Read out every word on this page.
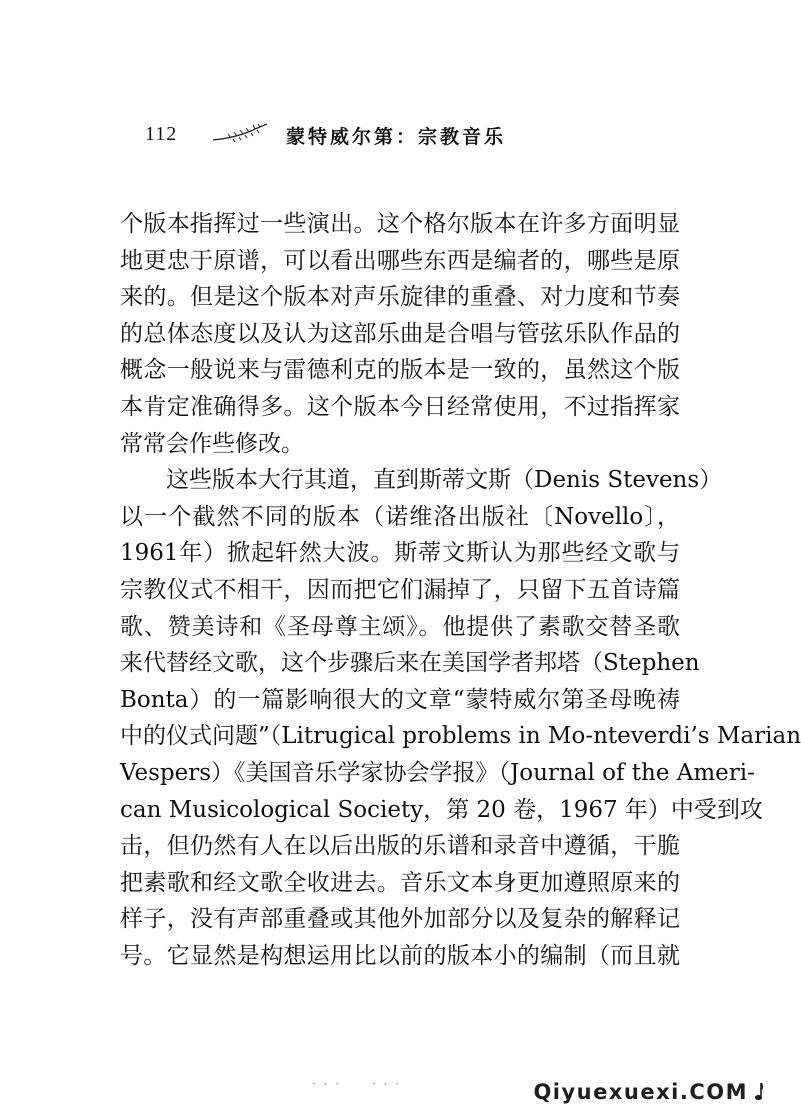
112	蒙特威尔第：宗教音乐
个版本指挥过一些演出。这个格尔版本在许多方面明显
地更忠于原谱，可以看出哪些东西是编者的，哪些是原
来的。但是这个版本对声乐旋律的重叠、对力度和节奏
的总体态度以及认为这部乐曲是合唱与管弦乐队作品的
概念一般说来与雷德利克的版本是一致的，虽然这个版
本肯定准确得多。这个版本今日经常使用，不过指挥家
常常会作些修改。
这些版本大行其道，直到斯蒂文斯（Denis Stevens）
以一个截然不同的版本（诺维洛出版社〔Novello〕，
1961年）掀起轩然大波。斯蒂文斯认为那些经文歌与
宗教仪式不相干，因而把它们漏掉了，只留下五首诗篇
歌、赞美诗和《圣母尊主颂》。他提供了素歌交替圣歌
来代替经文歌，这个步骤后来在美国学者邦塔（Stephen
Bonta）的一篇影响很大的文章“蒙特威尔第圣母晚祷
中的仪式问题”（Litrugical problems in Mo-nteverdi’s Marian
Vespers）《美国音乐学家协会学报》（Journal of the Ameri-
can Musicological Society，第 20 卷，1967 年）中受到攻
击，但仍然有人在以后出版的乐谱和录音中遵循，干脆
把素歌和经文歌全收进去。音乐文本身更加遵照原来的
样子，没有声部重叠或其他外加部分以及复杂的解释记
号。它显然是构想运用比以前的版本小的编制（而且就
· · ·	· · ·	Qiyuexuexi.COM
